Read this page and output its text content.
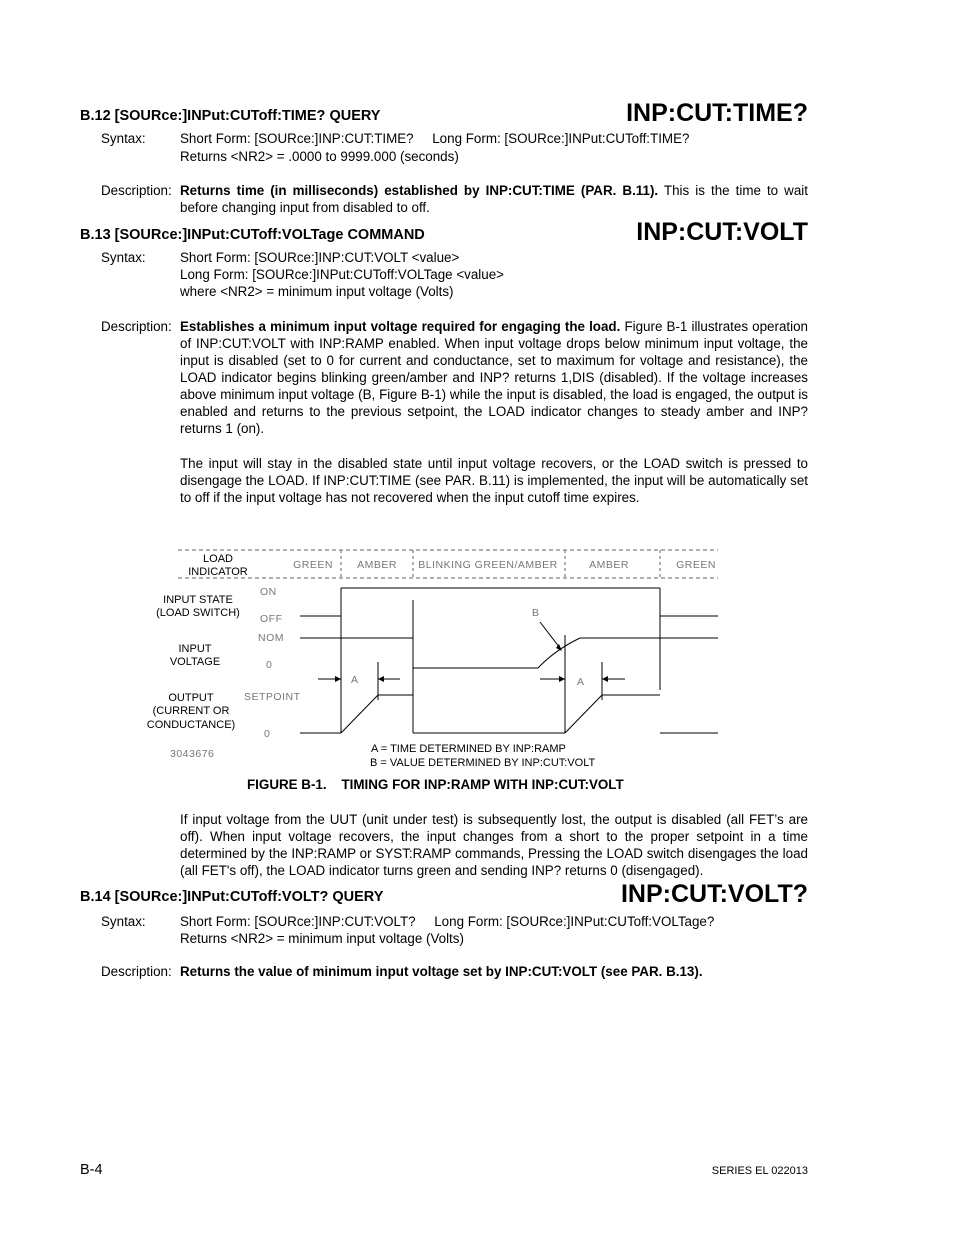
B.12 [SOURce:]INPut:CUToff:TIME? QUERY	INP:CUT:TIME?
Syntax:	Short Form: [SOURce:]INP:CUT:TIME?     Long Form: [SOURce:]INPut:CUToff:TIME?
Returns <NR2> = .0000 to 9999.000 (seconds)
Description: Returns time (in milliseconds) established by INP:CUT:TIME (PAR. B.11). This is the time to wait before changing input from disabled to off.
B.13 [SOURce:]INPut:CUToff:VOLTage COMMAND	INP:CUT:VOLT
Syntax:	Short Form: [SOURce:]INP:CUT:VOLT <value>
Long Form: [SOURce:]INPut:CUToff:VOLTage <value>
where <NR2> = minimum input voltage (Volts)
Description: Establishes a minimum input voltage required for engaging the load. Figure B-1 illustrates operation of INP:CUT:VOLT with INP:RAMP enabled. When input voltage drops below minimum input voltage, the input is disabled (set to 0 for current and conductance, set to maximum for voltage and resistance), the LOAD indicator begins blinking green/amber and INP? returns 1,DIS (disabled). If the voltage increases above minimum input voltage (B, Figure B-1) while the input is disabled, the load is engaged, the output is enabled and returns to the previous setpoint, the LOAD indicator changes to steady amber and INP? returns 1 (on).
The input will stay in the disabled state until input voltage recovers, or the LOAD switch is pressed to disengage the LOAD. If INP:CUT:TIME (see PAR. B.11) is implemented, the input will be automatically set to off if the input voltage has not recovered when the input cutoff time expires.
LOAD
INDICATOR
INPUT STATE
(LOAD SWITCH)
INPUT
VOLTAGE
OUTPUT
(CURRENT OR
CONDUCTANCE)
GREEN AMBER BLINKING GREEN/AMBER	AMBER	GREEN
ON
OFF
NOM
0
SETPOINT
0
3043676
A	A
B
A = TIME DETERMINED BY INP:RAMP
B = VALUE DETERMINED BY INP:CUT:VOLT
FIGURE B-1.    TIMING FOR INP:RAMP WITH INP:CUT:VOLT
If input voltage from the UUT (unit under test) is subsequently lost, the output is disabled (all FET’s are off). When input voltage recovers, the input changes from a short to the proper setpoint in a time determined by the INP:RAMP or SYST:RAMP commands, Pressing the LOAD switch disengages the load (all FET's off), the LOAD indicator turns green and sending INP? returns 0 (disengaged).
B.14 [SOURce:]INPut:CUToff:VOLT? QUERY	INP:CUT:VOLT?
Syntax:	Short Form: [SOURce:]INP:CUT:VOLT?     Long Form: [SOURce:]INPut:CUToff:VOLTage?
Returns <NR2> = minimum input voltage (Volts)
Description: Returns the value of minimum input voltage set by INP:CUT:VOLT (see PAR. B.13).
B-4	SERIES EL 022013
